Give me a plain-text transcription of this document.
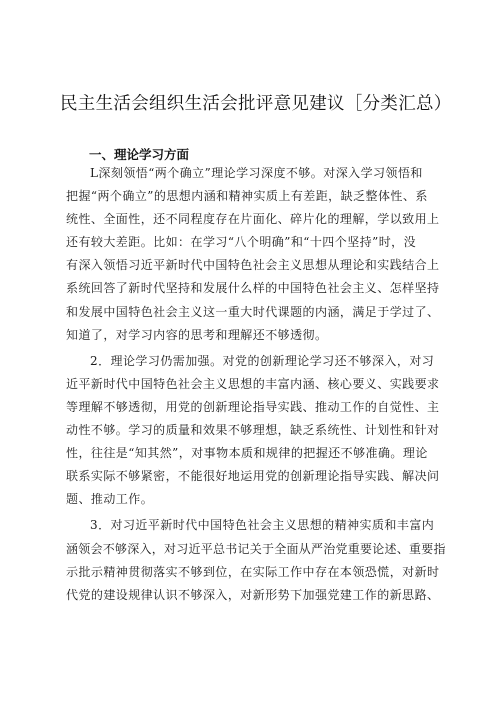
民主生活会组织生活会批评意见建议［分类汇总）
一、理论学习方面

L深刻领悟“两个确立”理论学习深度不够。对深入学习领悟和
把握“两个确立”的思想内涵和精神实质上有差距，缺乏整体性、系
统性、全面性，还不同程度存在片面化、碎片化的理解，学以致用上
还有较大差距。比如：在学习“八个明确”和“十四个坚持”时，没
有深入领悟习近平新时代中国特色社会主义思想从理论和实践结合上
系统回答了新时代坚持和发展什么样的中国特色社会主义、怎样坚持
和发展中国特色社会主义这一重大时代课题的内涵，满足于学过了、
知道了，对学习内容的思考和理解还不够透彻。

2．理论学习仍需加强。对党的创新理论学习还不够深入，对习
近平新时代中国特色社会主义思想的丰富内涵、核心要义、实践要求
等理解不够透彻，用党的创新理论指导实践、推动工作的自觉性、主
动性不够。学习的质量和效果不够理想，缺乏系统性、计划性和针对
性，往往是“知其然”，对事物本质和规律的把握还不够准确。理论
联系实际不够紧密，不能很好地运用党的创新理论指导实践、解决问
题、推动工作。

3．对习近平新时代中国特色社会主义思想的精神实质和丰富内
涵领会不够深入，对习近平总书记关于全面从严治党重要论述、重要指
示批示精神贯彻落实不够到位，在实际工作中存在本领恐慌，对新时
代党的建设规律认识不够深入，对新形势下加强党建工作的新思路、
